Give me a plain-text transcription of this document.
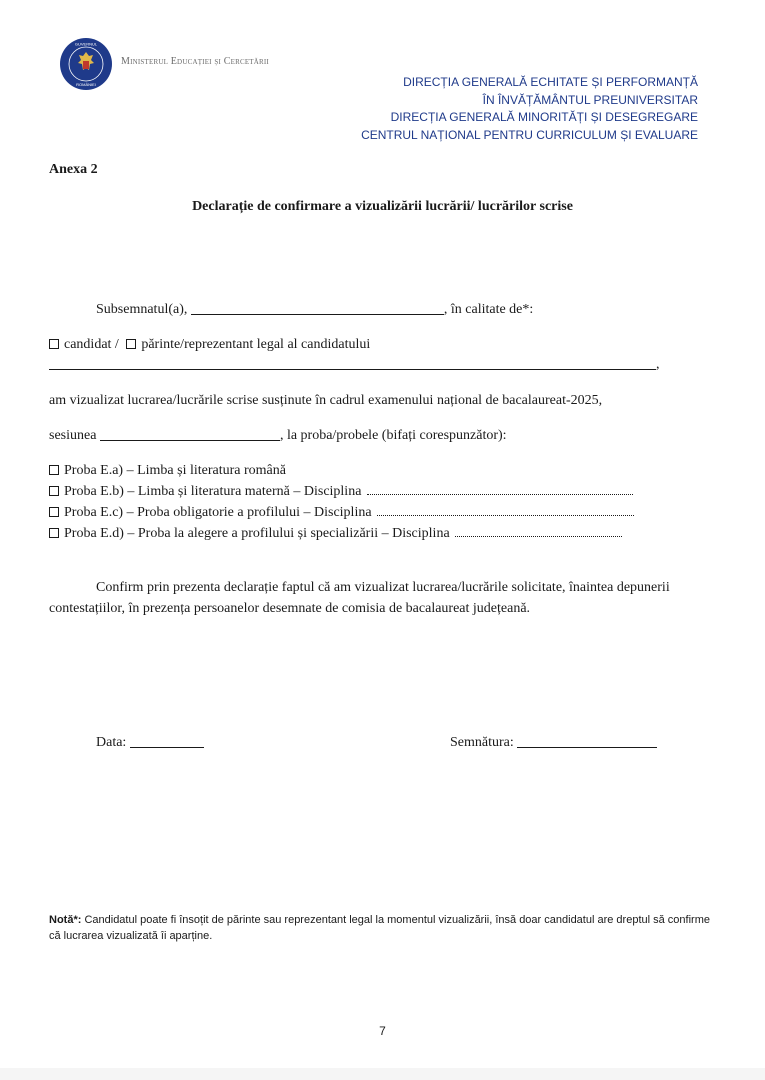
GUVERNUL
ROMÂNIEI
Ministerul Educației și Cercetării
DIRECȚIA GENERALĂ ECHITATE ȘI PERFORMANȚĂ
ÎN ÎNVĂȚĂMÂNTUL PREUNIVERSITAR
DIRECȚIA GENERALĂ MINORITĂȚI ȘI DESEGREGARE
CENTRUL NAȚIONAL PENTRU CURRICULUM ȘI EVALUARE
Anexa 2
Declarație de confirmare a vizualizării lucrării/ lucrărilor scrise
Subsemnatul(a),	, în calitate de*:
candidat / părinte/reprezentant legal al candidatului
,
am vizualizat lucrarea/lucrările scrise susținute în cadrul examenului național de bacalaureat-2025,
sesiunea	, la proba/probele (bifați corespunzător):
Proba E.a) – Limba și literatura română
Proba E.b) – Limba și literatura maternă – Disciplina
Proba E.c) – Proba obligatorie a profilului – Disciplina
Proba E.d) – Proba la alegere a profilului și specializării – Disciplina
Confirm prin prezenta declarație faptul că am vizualizat lucrarea/lucrările solicitate, înaintea depunerii contestațiilor, în prezența persoanelor desemnate de comisia de bacalaureat județeană.
Data:	Semnătura:
Notă*: Candidatul poate fi însoțit de părinte sau reprezentant legal la momentul vizualizării, însă doar candidatul are dreptul să confirme că lucrarea vizualizată îi aparține.
7
